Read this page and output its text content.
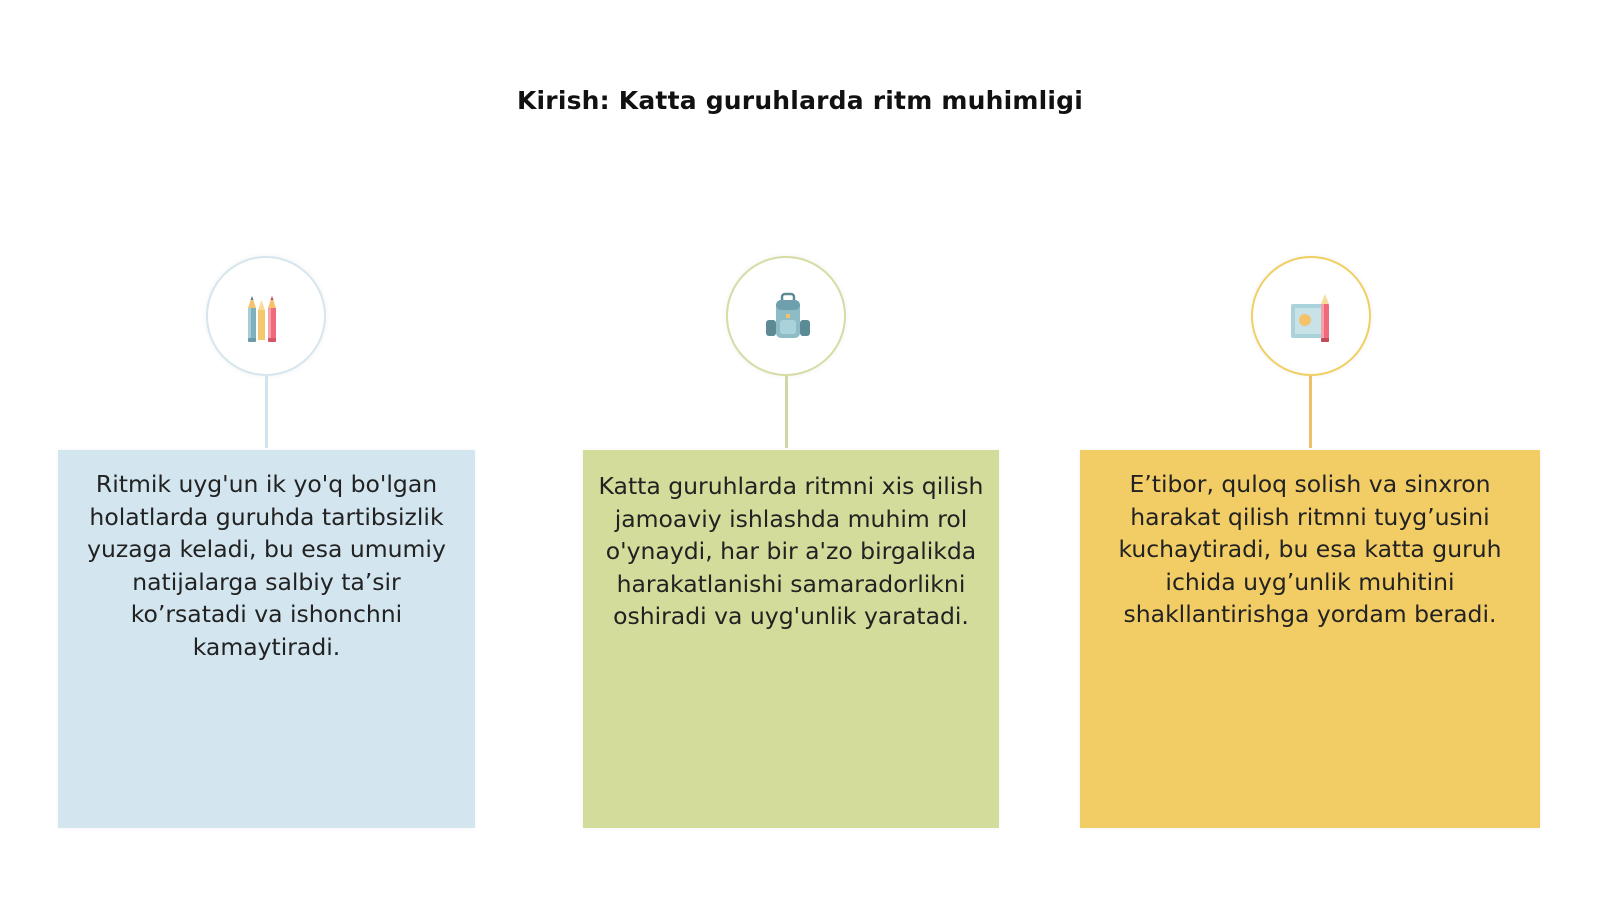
Kirish: Katta guruhlarda ritm muhimligi
Ritmik uyg'un ik yo'q bo'lgan holatlarda guruhda tartibsizlik yuzaga keladi, bu esa umumiy natijalarga salbiy ta’sir ko’rsatadi va ishonchni kamaytiradi.
Katta guruhlarda ritmni xis qilish jamoaviy ishlashda muhim rol o'ynaydi, har bir a'zo birgalikda harakatlanishi samaradorlikni oshiradi va uyg'unlik yaratadi.
E’tibor, quloq solish va sinxron harakat qilish ritmni tuyg’usini kuchaytiradi, bu esa katta guruh ichida uyg’unlik muhitini shakllantirishga yordam beradi.
